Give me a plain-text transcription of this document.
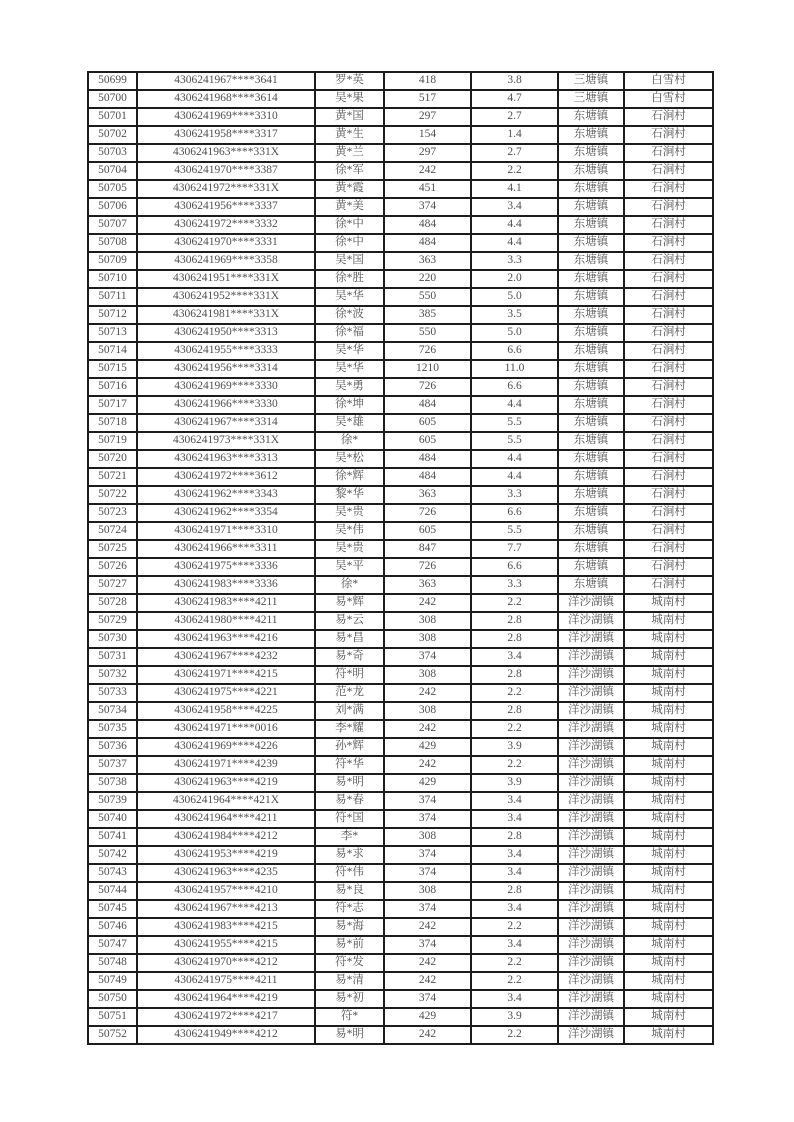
50699	4306241967****3641	罗*英	418	3.8	三塘镇	白雪村
50700	4306241968****3614	吴*果	517	4.7	三塘镇	白雪村
50701	4306241969****3310	黄*国	297	2.7	东塘镇	石涧村
50702	4306241958****3317	黄*生	154	1.4	东塘镇	石涧村
50703	4306241963****331X	黄*兰	297	2.7	东塘镇	石涧村
50704	4306241970****3387	徐*军	242	2.2	东塘镇	石涧村
50705	4306241972****331X	黄*霞	451	4.1	东塘镇	石涧村
50706	4306241956****3337	黄*美	374	3.4	东塘镇	石涧村
50707	4306241972****3332	徐*中	484	4.4	东塘镇	石涧村
50708	4306241970****3331	徐*中	484	4.4	东塘镇	石涧村
50709	4306241969****3358	吴*国	363	3.3	东塘镇	石涧村
50710	4306241951****331X	徐*胜	220	2.0	东塘镇	石涧村
50711	4306241952****331X	吴*华	550	5.0	东塘镇	石涧村
50712	4306241981****331X	徐*波	385	3.5	东塘镇	石涧村
50713	4306241950****3313	徐*福	550	5.0	东塘镇	石涧村
50714	4306241955****3333	吴*华	726	6.6	东塘镇	石涧村
50715	4306241956****3314	吴*华	1210	11.0	东塘镇	石涧村
50716	4306241969****3330	吴*勇	726	6.6	东塘镇	石涧村
50717	4306241966****3330	徐*坤	484	4.4	东塘镇	石涧村
50718	4306241967****3314	吴*雄	605	5.5	东塘镇	石涧村
50719	4306241973****331X	徐*	605	5.5	东塘镇	石涧村
50720	4306241963****3313	吴*松	484	4.4	东塘镇	石涧村
50721	4306241972****3612	徐*辉	484	4.4	东塘镇	石涧村
50722	4306241962****3343	黎*华	363	3.3	东塘镇	石涧村
50723	4306241962****3354	吴*贵	726	6.6	东塘镇	石涧村
50724	4306241971****3310	吴*伟	605	5.5	东塘镇	石涧村
50725	4306241966****3311	吴*贵	847	7.7	东塘镇	石涧村
50726	4306241975****3336	吴*平	726	6.6	东塘镇	石涧村
50727	4306241983****3336	徐*	363	3.3	东塘镇	石涧村
50728	4306241983****4211	易*辉	242	2.2	洋沙湖镇	城南村
50729	4306241980****4211	易*云	308	2.8	洋沙湖镇	城南村
50730	4306241963****4216	易*昌	308	2.8	洋沙湖镇	城南村
50731	4306241967****4232	易*奇	374	3.4	洋沙湖镇	城南村
50732	4306241971****4215	符*明	308	2.8	洋沙湖镇	城南村
50733	4306241975****4221	范*龙	242	2.2	洋沙湖镇	城南村
50734	4306241958****4225	刘*满	308	2.8	洋沙湖镇	城南村
50735	4306241971****0016	李*耀	242	2.2	洋沙湖镇	城南村
50736	4306241969****4226	孙*辉	429	3.9	洋沙湖镇	城南村
50737	4306241971****4239	符*华	242	2.2	洋沙湖镇	城南村
50738	4306241963****4219	易*明	429	3.9	洋沙湖镇	城南村
50739	4306241964****421X	易*春	374	3.4	洋沙湖镇	城南村
50740	4306241964****4211	符*国	374	3.4	洋沙湖镇	城南村
50741	4306241984****4212	李*	308	2.8	洋沙湖镇	城南村
50742	4306241953****4219	易*求	374	3.4	洋沙湖镇	城南村
50743	4306241963****4235	符*伟	374	3.4	洋沙湖镇	城南村
50744	4306241957****4210	易*良	308	2.8	洋沙湖镇	城南村
50745	4306241967****4213	符*志	374	3.4	洋沙湖镇	城南村
50746	4306241983****4215	易*海	242	2.2	洋沙湖镇	城南村
50747	4306241955****4215	易*前	374	3.4	洋沙湖镇	城南村
50748	4306241970****4212	符*发	242	2.2	洋沙湖镇	城南村
50749	4306241975****4211	易*清	242	2.2	洋沙湖镇	城南村
50750	4306241964****4219	易*初	374	3.4	洋沙湖镇	城南村
50751	4306241972****4217	符*	429	3.9	洋沙湖镇	城南村
50752	4306241949****4212	易*明	242	2.2	洋沙湖镇	城南村
